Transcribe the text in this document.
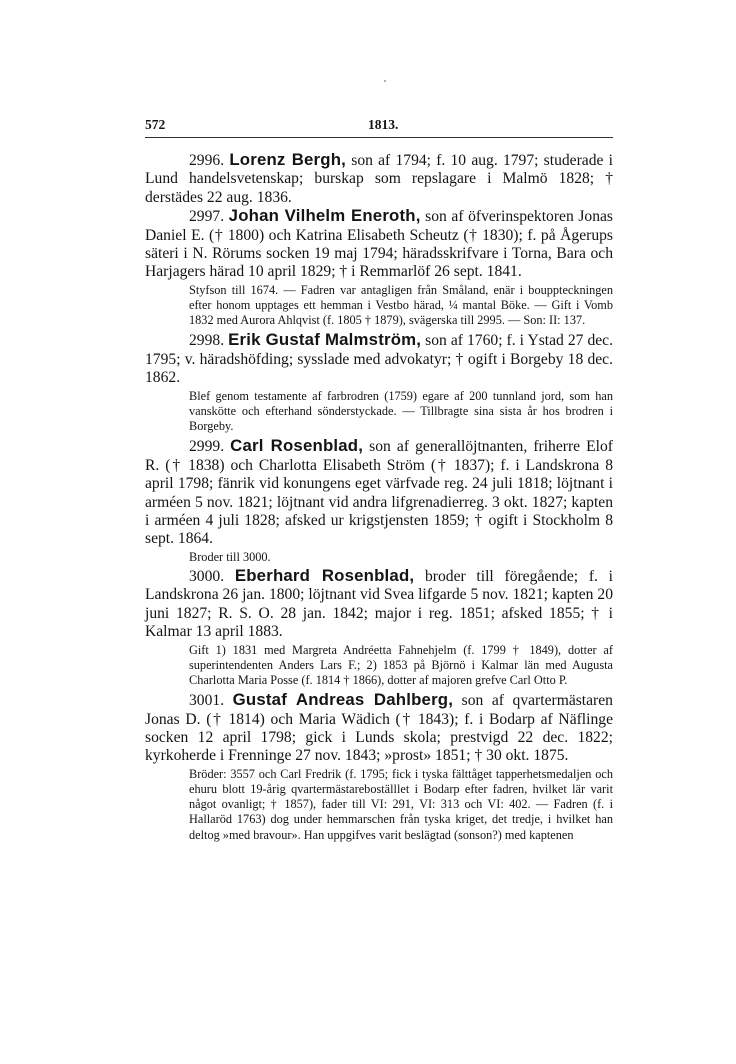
572	1813.

2996. Lorenz Bergh, son af 1794; f. 10 aug. 1797; studerade i Lund handelsvetenskap; burskap som repslagare i Malmö 1828; † derstädes 22 aug. 1836.

2997. Johan Vilhelm Eneroth, son af öfverinspektoren Jonas Daniel E. († 1800) och Katrina Elisabeth Scheutz († 1830); f. på Ågerups säteri i N. Rörums socken 19 maj 1794; häradsskrifvare i Torna, Bara och Harjagers härad 10 april 1829; † i Remmarlöf 26 sept. 1841.

Styfson till 1674. — Fadren var antagligen från Småland, enär i bouppteckningen efter honom upptages ett hemman i Vestbo härad, ¼ mantal Böke. — Gift i Vomb 1832 med Aurora Ahlqvist (f. 1805 † 1879), svägerska till 2995. — Son: II: 137.

2998. Erik Gustaf Malmström, son af 1760; f. i Ystad 27 dec. 1795; v. häradshöfding; sysslade med advokatyr; † ogift i Borgeby 18 dec. 1862.

Blef genom testamente af farbrodren (1759) egare af 200 tunnland jord, som han vanskötte och efterhand sönderstyckade. — Tillbragte sina sista år hos brodren i Borgeby.

2999. Carl Rosenblad, son af generallöjtnanten, friherre Elof R. († 1838) och Charlotta Elisabeth Ström († 1837); f. i Landskrona 8 april 1798; fänrik vid konungens eget värfvade reg. 24 juli 1818; löjtnant i arméen 5 nov. 1821; löjtnant vid andra lifgrenadierreg. 3 okt. 1827; kapten i arméen 4 juli 1828; afsked ur krigstjensten 1859; † ogift i Stockholm 8 sept. 1864.

Broder till 3000.

3000. Eberhard Rosenblad, broder till föregående; f. i Landskrona 26 jan. 1800; löjtnant vid Svea lifgarde 5 nov. 1821; kapten 20 juni 1827; R. S. O. 28 jan. 1842; major i reg. 1851; afsked 1855; † i Kalmar 13 april 1883.

Gift 1) 1831 med Margreta Andréetta Fahnehjelm (f. 1799 † 1849), dotter af superintendenten Anders Lars F.; 2) 1853 på Björnö i Kalmar län med Augusta Charlotta Maria Posse (f. 1814 † 1866), dotter af majoren grefve Carl Otto P.

3001. Gustaf Andreas Dahlberg, son af qvartermästaren Jonas D. († 1814) och Maria Wädich († 1843); f. i Bodarp af Näflinge socken 12 april 1798; gick i Lunds skola; prestvigd 22 dec. 1822; kyrkoherde i Frenninge 27 nov. 1843; »prost» 1851; † 30 okt. 1875.

Bröder: 3557 och Carl Fredrik (f. 1795; fick i tyska fälttåget tapperhetsmedaljen och ehuru blott 19-årig qvartermästareboställlet i Bodarp efter fadren, hvilket lär varit något ovanligt; † 1857), fader till VI: 291, VI: 313 och VI: 402. — Fadren (f. i Hallaröd 1763) dog under hemmarschen från tyska kriget, det tredje, i hvilket han deltog »med bravour». Han uppgifves varit beslägtad (sonson?) med kaptenen
